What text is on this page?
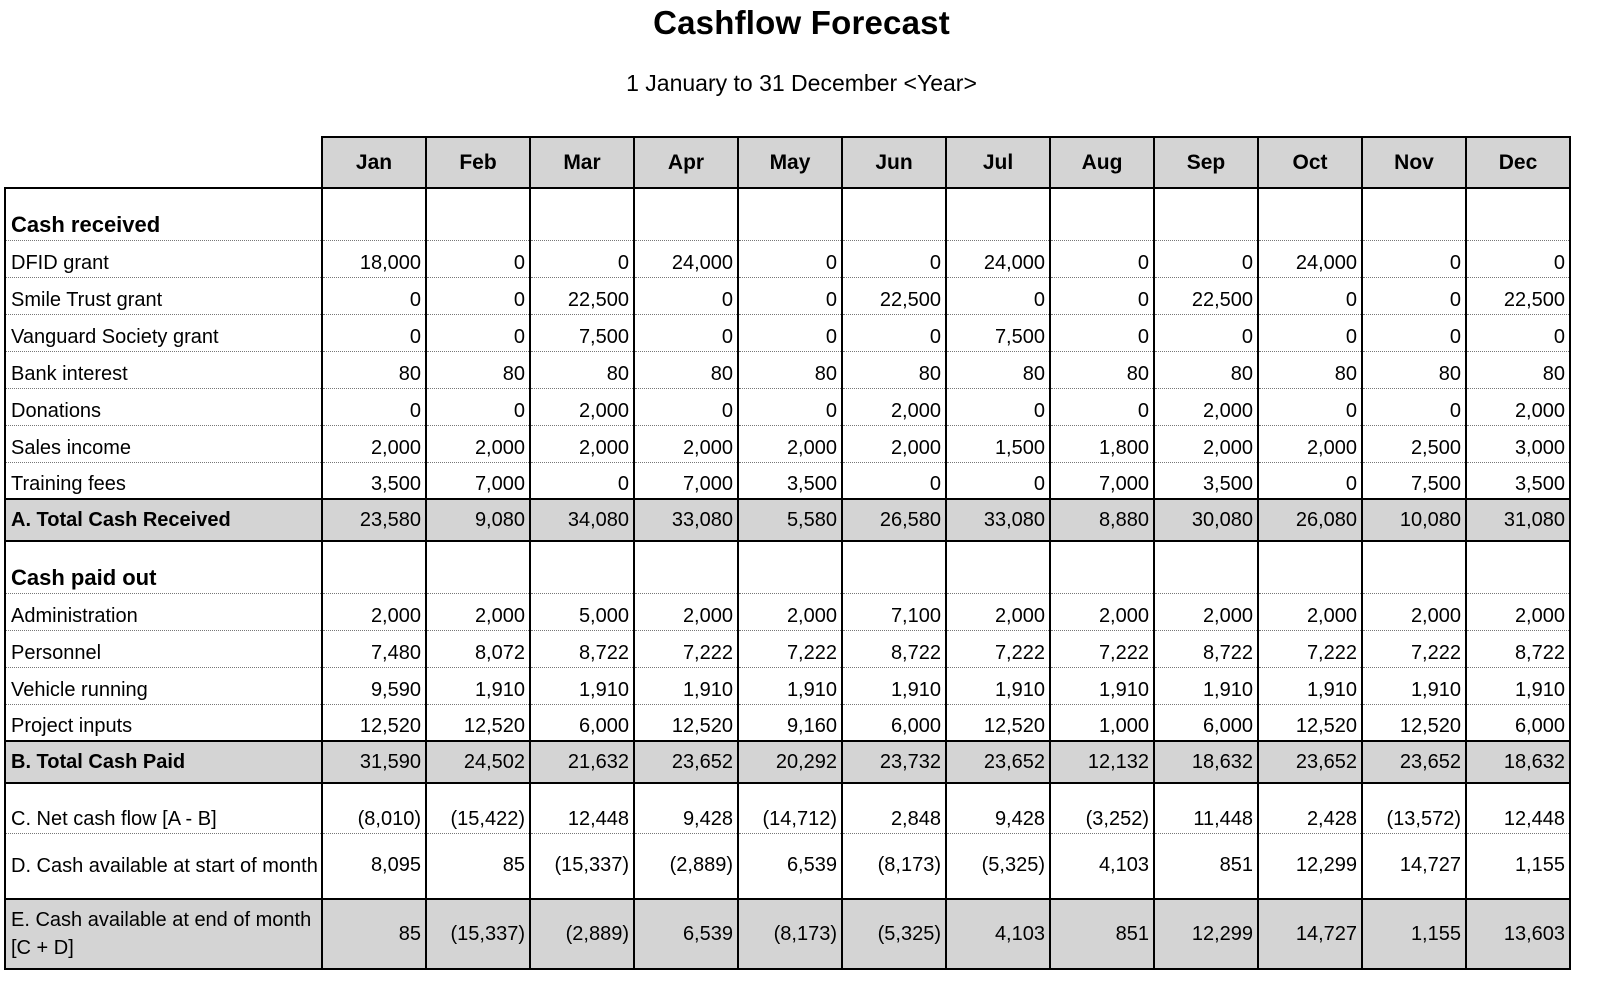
Cashflow Forecast
1 January to 31 December <Year>
	Jan	Feb	Mar	Apr	May	Jun	Jul	Aug	Sep	Oct	Nov	Dec
Cash received												
DFID grant	18,000	0	0	24,000	0	0	24,000	0	0	24,000	0	0
Smile Trust grant	0	0	22,500	0	0	22,500	0	0	22,500	0	0	22,500
Vanguard Society grant	0	0	7,500	0	0	0	7,500	0	0	0	0	0
Bank interest	80	80	80	80	80	80	80	80	80	80	80	80
Donations	0	0	2,000	0	0	2,000	0	0	2,000	0	0	2,000
Sales income	2,000	2,000	2,000	2,000	2,000	2,000	1,500	1,800	2,000	2,000	2,500	3,000
Training fees	3,500	7,000	0	7,000	3,500	0	0	7,000	3,500	0	7,500	3,500
A. Total Cash Received	23,580	9,080	34,080	33,080	5,580	26,580	33,080	8,880	30,080	26,080	10,080	31,080
Cash paid out												
Administration	2,000	2,000	5,000	2,000	2,000	7,100	2,000	2,000	2,000	2,000	2,000	2,000
Personnel	7,480	8,072	8,722	7,222	7,222	8,722	7,222	7,222	8,722	7,222	7,222	8,722
Vehicle running	9,590	1,910	1,910	1,910	1,910	1,910	1,910	1,910	1,910	1,910	1,910	1,910
Project inputs	12,520	12,520	6,000	12,520	9,160	6,000	12,520	1,000	6,000	12,520	12,520	6,000
B. Total Cash Paid	31,590	24,502	21,632	23,652	20,292	23,732	23,652	12,132	18,632	23,652	23,652	18,632
C. Net cash flow [A - B]	(8,010)	(15,422)	12,448	9,428	(14,712)	2,848	9,428	(3,252)	11,448	2,428	(13,572)	12,448
D. Cash available at start of month	8,095	85	(15,337)	(2,889)	6,539	(8,173)	(5,325)	4,103	851	12,299	14,727	1,155
E. Cash available at end of month [C + D]	85	(15,337)	(2,889)	6,539	(8,173)	(5,325)	4,103	851	12,299	14,727	1,155	13,603
